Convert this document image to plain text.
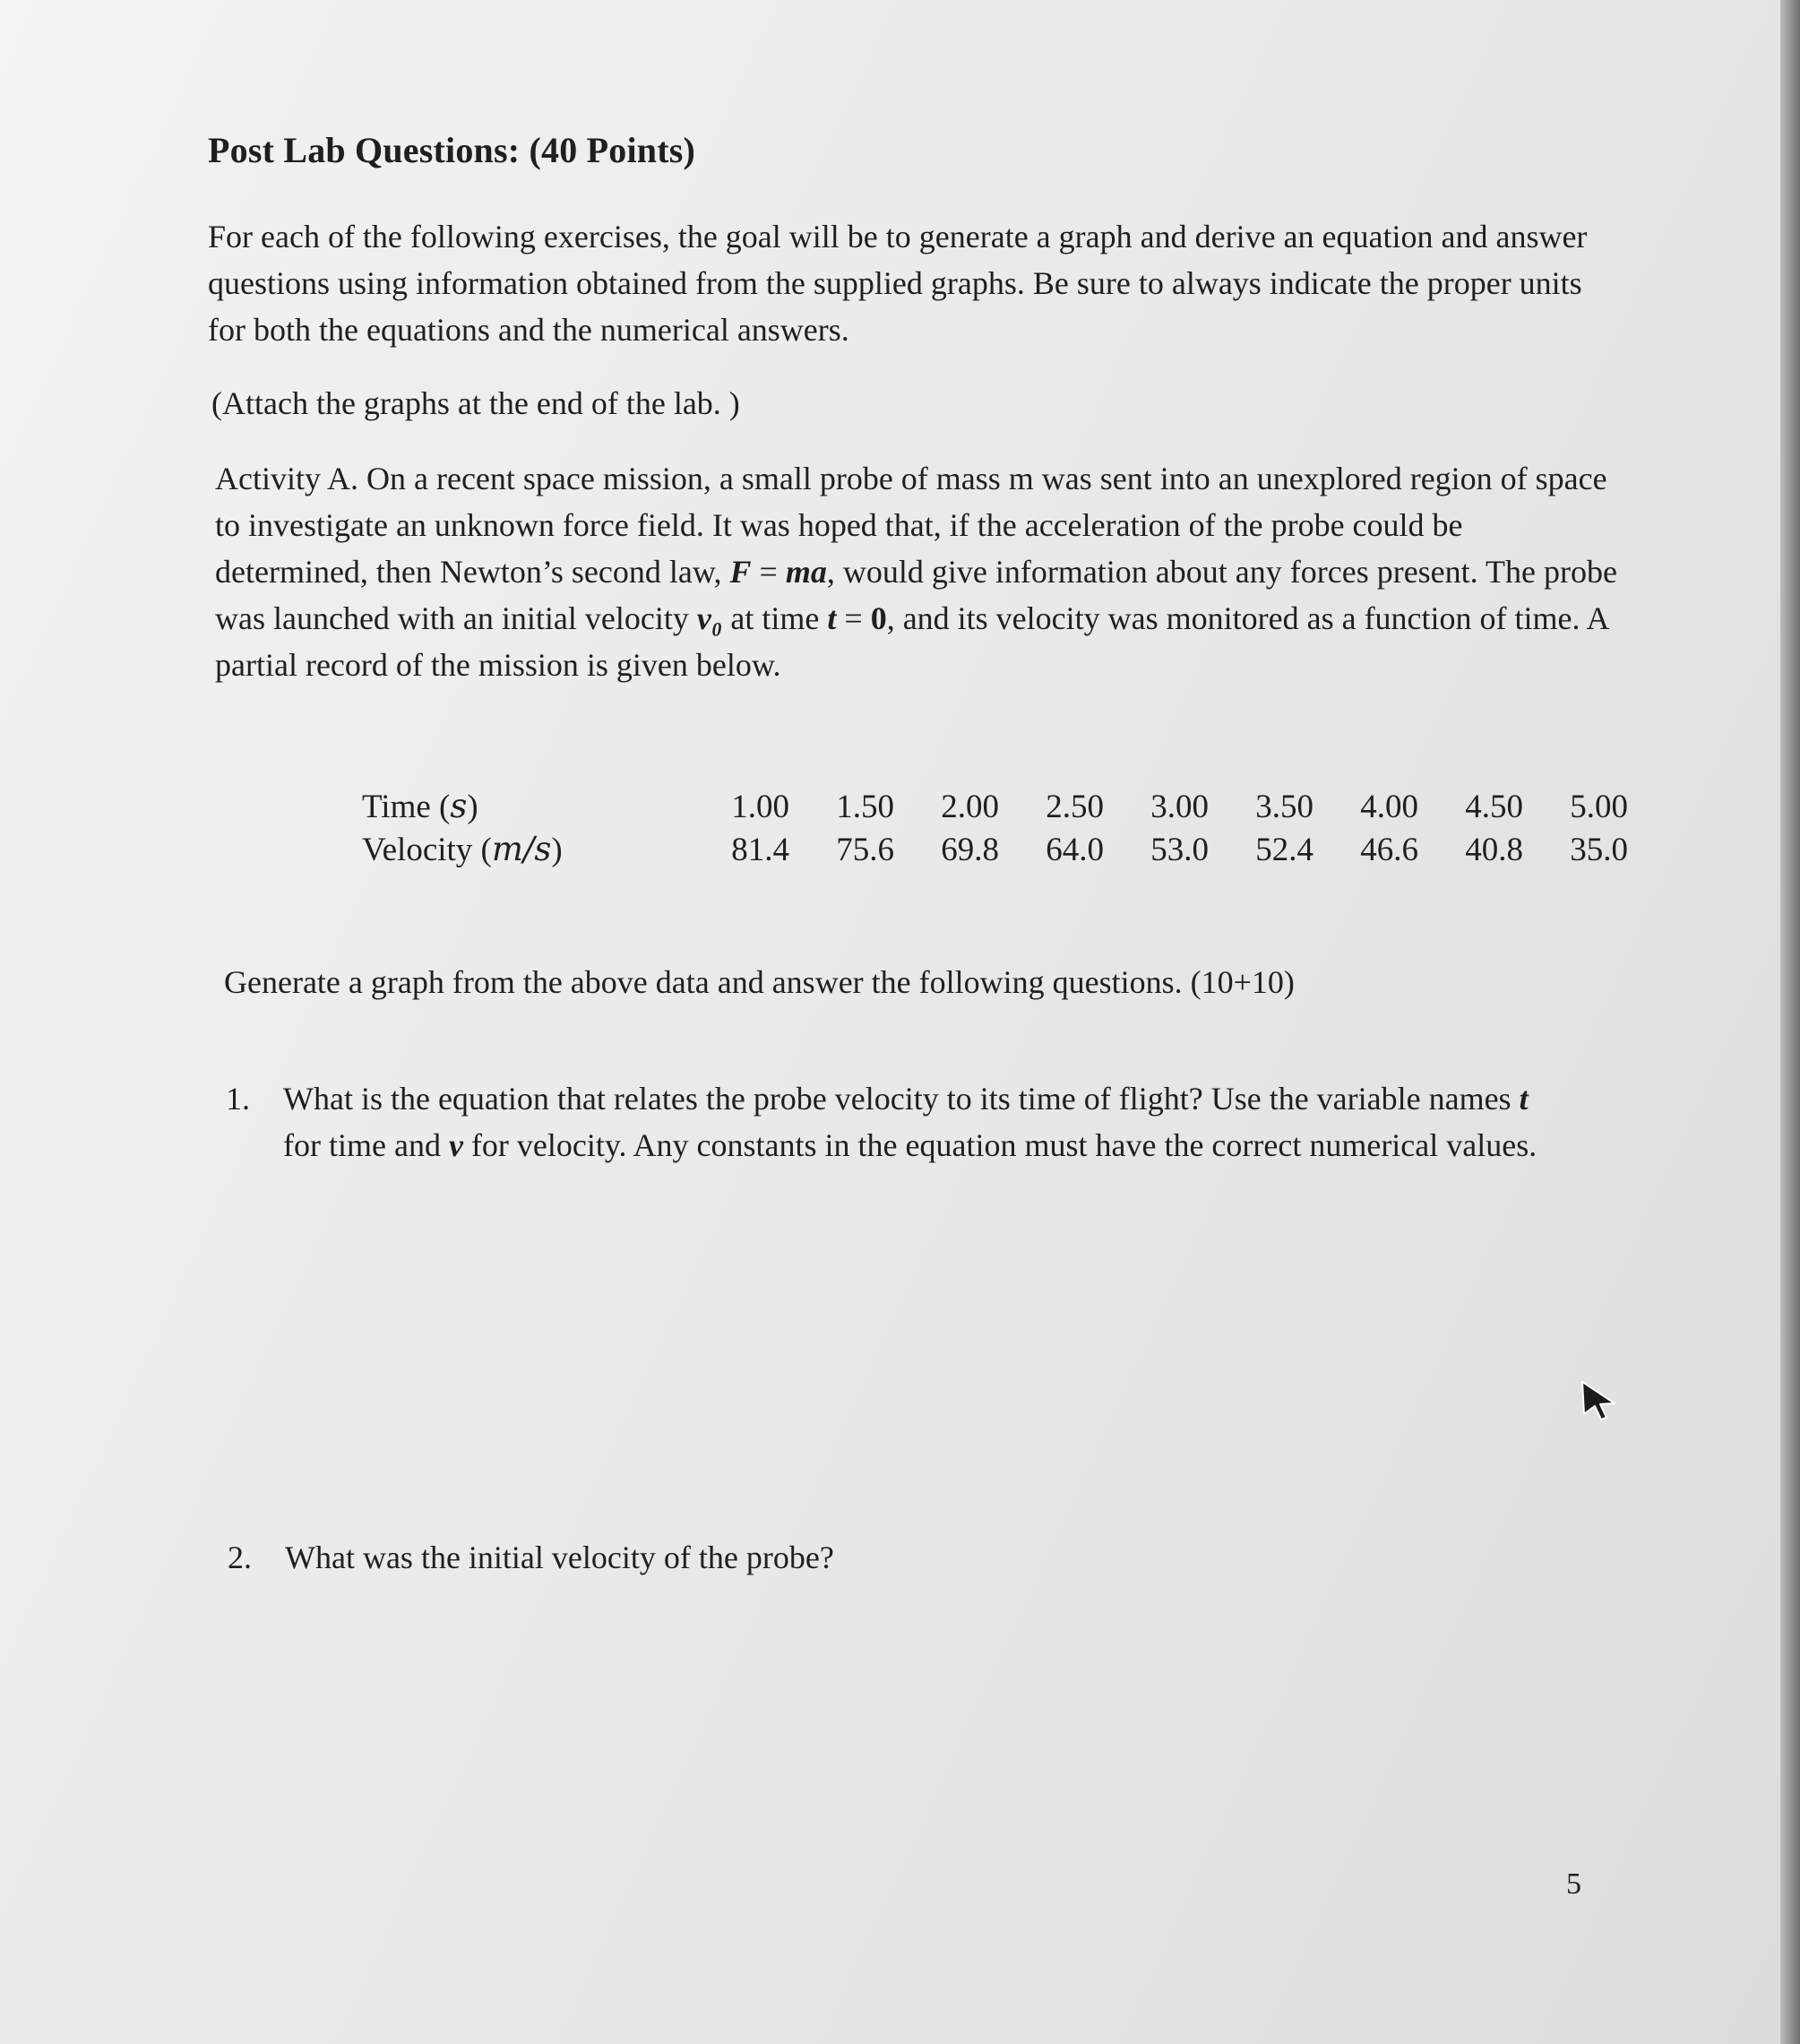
Post Lab Questions: (40 Points)
For each of the following exercises, the goal will be to generate a graph and derive an equation and answer questions using information obtained from the supplied graphs. Be sure to always indicate the proper units for both the equations and the numerical answers.
(Attach the graphs at the end of the lab. )
Activity A. On a recent space mission, a small probe of mass m was sent into an unexplored region of space to investigate an unknown force field. It was hoped that, if the acceleration of the probe could be determined, then Newton’s second law, F = ma, would give information about any forces present. The probe was launched with an initial velocity v₀ at time t = 0, and its velocity was monitored as a function of time. A partial record of the mission is given below.
Time (s)	1.00	1.50	2.00	2.50	3.00	3.50	4.00	4.50	5.00
Velocity (m/s)	81.4	75.6	69.8	64.0	53.0	52.4	46.6	40.8	35.0
Generate a graph from the above data and answer the following questions. (10+10)
1. What is the equation that relates the probe velocity to its time of flight? Use the variable names t for time and v for velocity. Any constants in the equation must have the correct numerical values.
2. What was the initial velocity of the probe?
5
